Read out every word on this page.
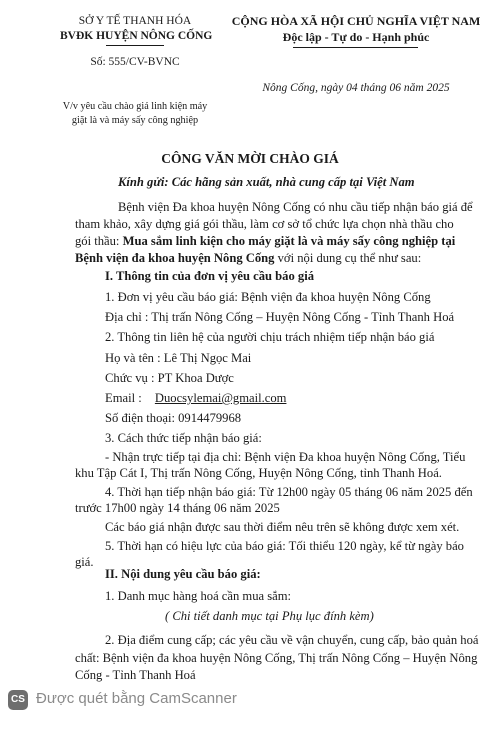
SỞ Y TẾ THANH HÓA
BVĐK HUYỆN NÔNG CỐNG
Số: 555/CV-BVNC
V/v yêu cầu chào giá linh kiện máy
giặt là và máy sấy công nghiệp
CỘNG HÒA XÃ HỘI CHỦ NGHĨA VIỆT NAM
Độc lập - Tự do - Hạnh phúc
Nông Cống, ngày 04 tháng 06 năm 2025
CÔNG VĂN MỜI CHÀO GIÁ
Kính gửi: Các hãng sản xuất, nhà cung cấp tại Việt Nam
Bệnh viện Đa khoa huyện Nông Cống có nhu cầu tiếp nhận báo giá để
tham khảo, xây dựng giá gói thầu, làm cơ sở tổ chức lựa chọn nhà thầu cho
gói thầu: Mua sắm linh kiện cho máy giặt là và máy sấy công nghiệp tại
Bệnh viện đa khoa huyện Nông Cống với nội dung cụ thể như sau:
I. Thông tin của đơn vị yêu cầu báo giá
1. Đơn vị yêu cầu báo giá: Bệnh viện đa khoa huyện Nông Cống
Địa chỉ : Thị trấn Nông Cống – Huyện Nông Cống - Tỉnh Thanh Hoá
2. Thông tin liên hệ của người chịu trách nhiệm tiếp nhận báo giá
Họ và tên : Lê Thị Ngọc Mai
Chức vụ : PT Khoa Dược
Email : Duocsylemai@gmail.com
Số điện thoại: 0914479968
3. Cách thức tiếp nhận báo giá:
- Nhận trực tiếp tại địa chỉ: Bệnh viện Đa khoa huyện Nông Cống, Tiểu
khu Tập Cát I, Thị trấn Nông Cống, Huyện Nông Cống, tỉnh Thanh Hoá.
4. Thời hạn tiếp nhận báo giá: Từ 12h00 ngày 05 tháng 06 năm 2025 đến
trước 17h00 ngày 14 tháng 06 năm 2025
Các báo giá nhận được sau thời điểm nêu trên sẽ không được xem xét.
5. Thời hạn có hiệu lực của báo giá: Tối thiểu 120 ngày, kể từ ngày báo
giá.
II. Nội dung yêu cầu báo giá:
1. Danh mục hàng hoá cần mua sắm:
( Chi tiết danh mục tại Phụ lục đính kèm)
2. Địa điểm cung cấp; các yêu cầu về vận chuyển, cung cấp, bảo quản hoá
CS Được quét bằng CamScanner
chất: Bệnh viện đa khoa huyện Nông Cống, Thị trấn Nông Cống – Huyện Nông
Cống - Tỉnh Thanh Hoá
